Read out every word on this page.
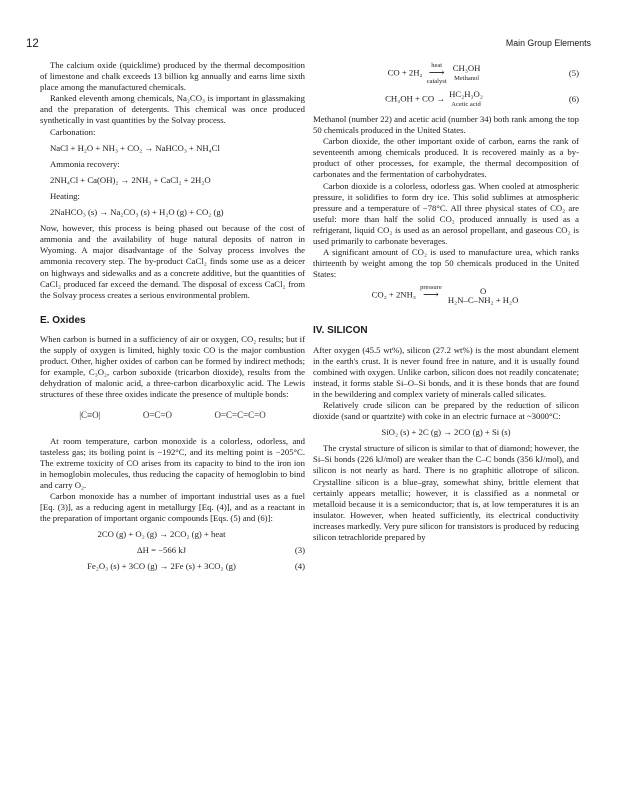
12	Main Group Elements

The calcium oxide (quicklime) produced by the thermal decomposition of limestone and chalk exceeds 13 billion kg annually and earns lime sixth place among the manufactured chemicals.

Ranked eleventh among chemicals, Na₂CO₃ is important in glassmaking and the preparation of detergents. This chemical was once produced synthetically in vast quantities by the Solvay process.

Carbonation:
NaCl + H₂O + NH₃ + CO₂ → NaHCO₃ + NH₄Cl
Ammonia recovery:
2NH₄Cl + Ca(OH)₂ → 2NH₃ + CaCl₂ + 2H₂O
Heating:
2NaHCO₃ (s) → Na₂CO₃ (s) + H₂O (g) + CO₂ (g)

Now, however, this process is being phased out because of the cost of ammonia and the availability of huge natural deposits of natron in Wyoming. A major disadvantage of the Solvay process involves the ammonia recovery step. The by-product CaCl₂ finds some use as a deicer on highways and sidewalks and as a concrete additive, but the quantities of CaCl₂ produced far exceed the demand. The disposal of excess CaCl₂ from the Solvay process creates a serious environmental problem.

E. Oxides

When carbon is burned in a sufficiency of air or oxygen, CO₂ results; but if the supply of oxygen is limited, highly toxic CO is the major combustion product. Other, higher oxides of carbon can be formed by indirect methods; for example, C₃O₂, carbon suboxide (tricarbon dioxide), results from the dehydration of malonic acid, a three-carbon dicarboxylic acid. The Lewis structures of these three oxides indicate the presence of multiple bonds:

|C≡O|	O=C=O	O=C=C=C=O

At room temperature, carbon monoxide is a colorless, odorless, and tasteless gas; its boiling point is −192°C, and its melting point is −205°C. The extreme toxicity of CO arises from its capacity to bind to the iron ion in hemoglobin molecules, thus reducing the capacity of hemoglobin to bind and carry O₂.

Carbon monoxide has a number of important industrial uses as a fuel [Eq. (3)], as a reducing agent in metallurgy [Eq. (4)], and as a reactant in the preparation of important organic compounds [Eqs. (5) and (6)]:

2CO (g) + O₂ (g) → 2CO₂ (g) + heat
ΔH = −566 kJ	(3)
Fe₂O₃ (s) + 3CO (g) → 2Fe (s) + 3CO₂ (g)	(4)
CO + 2H₂ heat
⟶
catalyst CH₃OH
Methanol
(5)
CH₃OH + CO → HC₂H₃O₂
Acetic acid
(6)

Methanol (number 22) and acetic acid (number 34) both rank among the top 50 chemicals produced in the United States.

Carbon dioxide, the other important oxide of carbon, earns the rank of seventeenth among chemicals produced. It is recovered mainly as a by-product of other processes, for example, the thermal decomposition of carbonates and the fermentation of carbohydrates.

Carbon dioxide is a colorless, odorless gas. When cooled at atmospheric pressure, it solidifies to form dry ice. This solid sublimes at atmospheric pressure and a temperature of −78°C. All three physical states of CO₂ are useful: more than half the solid CO₂ produced annually is used as a refrigerant, liquid CO₂ is used as an aerosol propellant, and gaseous CO₂ is used primarily to carbonate beverages.

A significant amount of CO₂ is used to manufacture urea, which ranks thirteenth by weight among the top 50 chemicals produced in the United States:

CO₂ + 2NH₃ pressure
⟶	O
H₂N–C–NH₂ + H₂O
IV. SILICON

After oxygen (45.5 wt%), silicon (27.2 wt%) is the most abundant element in the earth's crust. It is never found free in nature, and it is usually found combined with oxygen. Unlike carbon, silicon does not readily concatenate; instead, it forms stable Si–O–Si bonds, and it is these bonds that are found in the bewildering and complex variety of minerals called silicates.

Relatively crude silicon can be prepared by the reduction of silicon dioxide (sand or quartzite) with coke in an electric furnace at ~3000°C:

SiO₂ (s) + 2C (g) → 2CO (g) + Si (s)

The crystal structure of silicon is similar to that of diamond; however, the Si–Si bonds (226 kJ/mol) are weaker than the C–C bonds (356 kJ/mol), and silicon is not nearly as hard. There is no graphitic allotrope of silicon. Crystalline silicon is a blue–gray, somewhat shiny, brittle element that certainly appears metallic; however, it is classified as a nonmetal or metalloid because it is a semiconductor; that is, at low temperatures it is an insulator. However, when heated sufficiently, its electrical conductivity increases markedly. Very pure silicon for transistors is produced by reducing silicon tetrachloride prepared by
